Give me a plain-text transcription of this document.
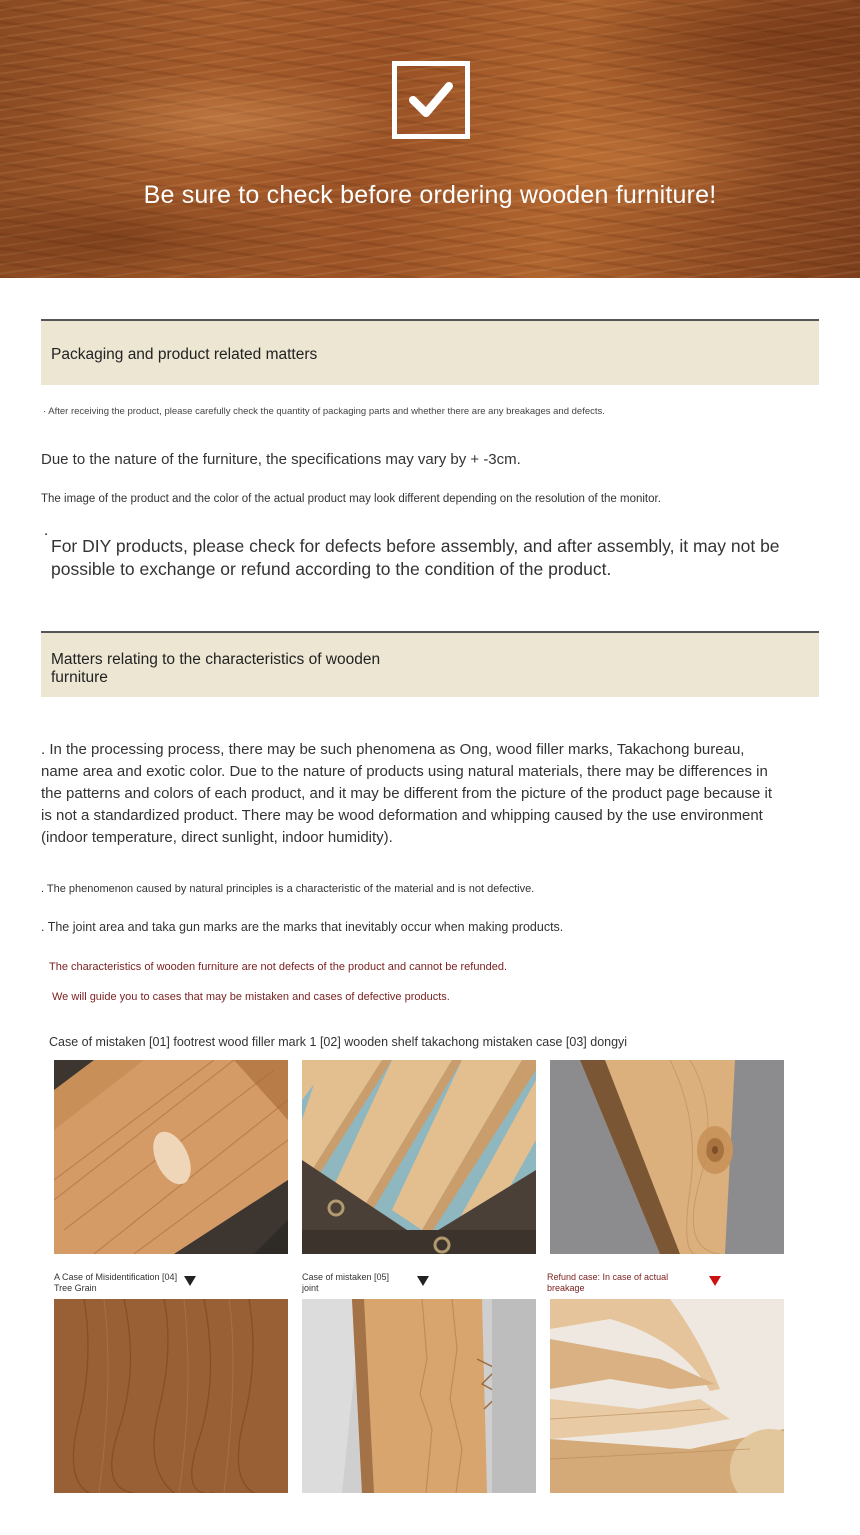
Be sure to check before ordering wooden furniture!
Packaging and product related matters
· After receiving the product, please carefully check the quantity of packaging parts and whether there are any breakages and defects.
Due to the nature of the furniture, the specifications may vary by + -3cm.
The image of the product and the color of the actual product may look different depending on the resolution of the monitor.
.
For DIY products, please check for defects before assembly, and after assembly, it may not be possible to exchange or refund according to the condition of the product.
Matters relating to the characteristics of wooden furniture
. In the processing process, there may be such phenomena as Ong, wood filler marks, Takachong bureau, name area and exotic color. Due to the nature of products using natural materials, there may be differences in the patterns and colors of each product, and it may be different from the picture of the product page because it is not a standardized product. There may be wood deformation and whipping caused by the use environment (indoor temperature, direct sunlight, indoor humidity).
. The phenomenon caused by natural principles is a characteristic of the material and is not defective.
. The joint area and taka gun marks are the marks that inevitably occur when making products.
The characteristics of wooden furniture are not defects of the product and cannot be refunded.
We will guide you to cases that may be mistaken and cases of defective products.
Case of mistaken [01] footrest wood filler mark 1 [02] wooden shelf takachong mistaken case [03] dongyi
A Case of Misidentification [04] Tree Grain
Case of mistaken [05] joint
Refund case: In case of actual breakage
